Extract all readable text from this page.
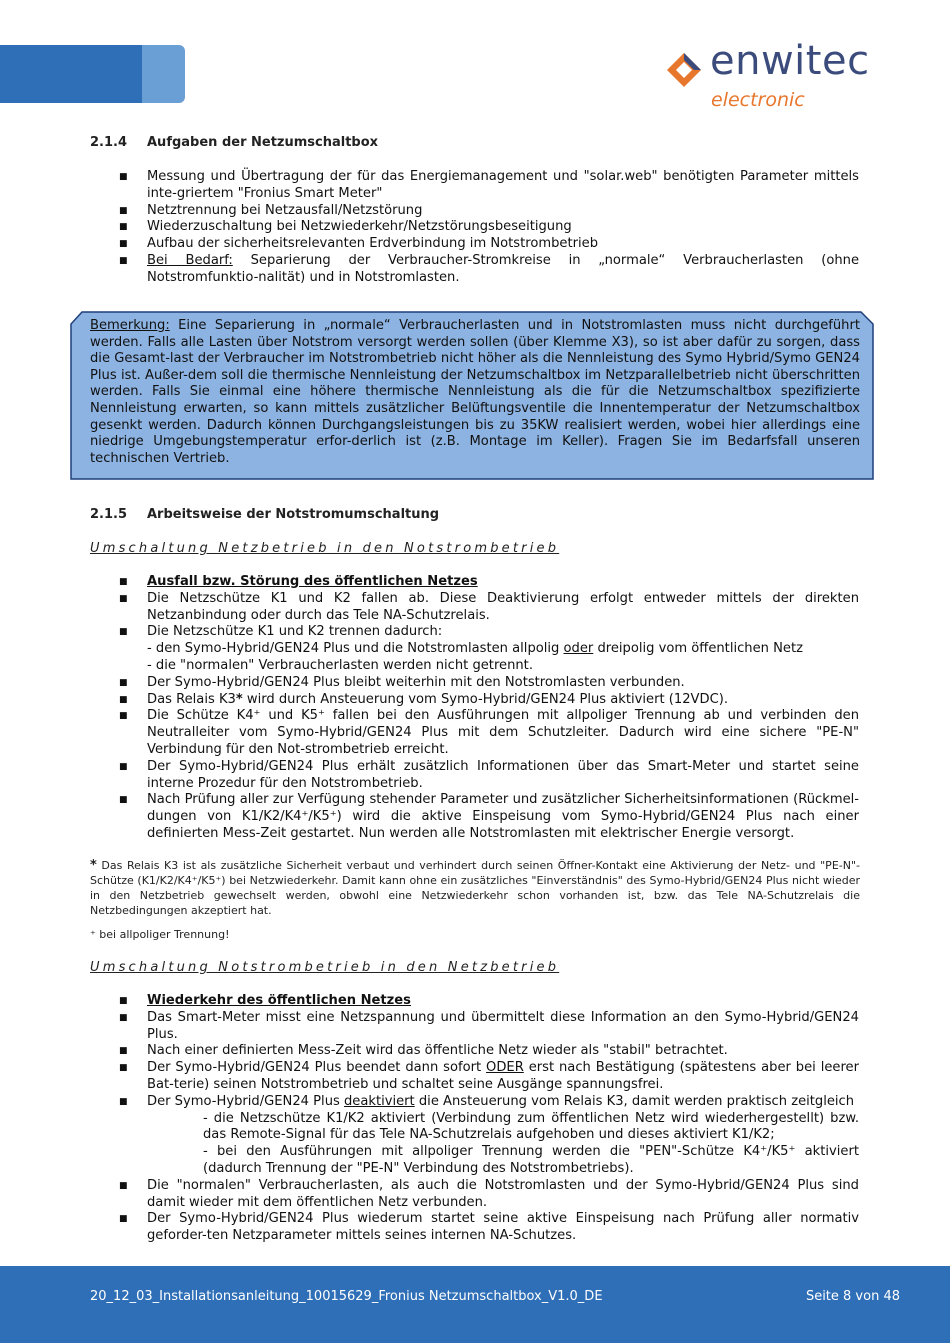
enwitec
electronic
2.1.4 Aufgaben der Netzumschaltbox
■ Messung und Übertragung der für das Energiemanagement und "solar.web" benötigten Parameter mittels inte-griertem "Fronius Smart Meter"
■ Netztrennung bei Netzausfall/Netzstörung
■ Wiederzuschaltung bei Netzwiederkehr/Netzstörungsbeseitigung
■ Aufbau der sicherheitsrelevanten Erdverbindung im Notstrombetrieb
■ Bei Bedarf: Separierung der Verbraucher-Stromkreise in „normale“ Verbraucherlasten (ohne Notstromfunktio-nalität) und in Notstromlasten.
Bemerkung: Eine Separierung in „normale“ Verbraucherlasten und in Notstromlasten muss nicht durchgeführt werden. Falls alle Lasten über Notstrom versorgt werden sollen (über Klemme X3), so ist aber dafür zu sorgen, dass die Gesamt-last der Verbraucher im Notstrombetrieb nicht höher als die Nennleistung des Symo Hybrid/Symo GEN24 Plus ist. Außer-dem soll die thermische Nennleistung der Netzumschaltbox im Netzparallelbetrieb nicht überschritten werden. Falls Sie einmal eine höhere thermische Nennleistung als die für die Netzumschaltbox spezifizierte Nennleistung erwarten, so kann mittels zusätzlicher Belüftungsventile die Innentemperatur der Netzumschaltbox gesenkt werden. Dadurch können Durchgangsleistungen bis zu 35KW realisiert werden, wobei hier allerdings eine niedrige Umgebungstemperatur erfor-derlich ist (z.B. Montage im Keller). Fragen Sie im Bedarfsfall unseren technischen Vertrieb.
2.1.5 Arbeitsweise der Notstromumschaltung
Umschaltung Netzbetrieb in den Notstrombetrieb
■ Ausfall bzw. Störung des öffentlichen Netzes
■ Die Netzschütze K1 und K2 fallen ab. Diese Deaktivierung erfolgt entweder mittels der direkten Netzanbindung oder durch das Tele NA-Schutzrelais.
■ Die Netzschütze K1 und K2 trennen dadurch:
- den Symo-Hybrid/GEN24 Plus und die Notstromlasten allpolig oder dreipolig vom öffentlichen Netz
- die "normalen" Verbraucherlasten werden nicht getrennt.
■ Der Symo-Hybrid/GEN24 Plus bleibt weiterhin mit den Notstromlasten verbunden.
■ Das Relais K3* wird durch Ansteuerung vom Symo-Hybrid/GEN24 Plus aktiviert (12VDC).
■ Die Schütze K4⁺ und K5⁺ fallen bei den Ausführungen mit allpoliger Trennung ab und verbinden den Neutralleiter vom Symo-Hybrid/GEN24 Plus mit dem Schutzleiter. Dadurch wird eine sichere "PE-N" Verbindung für den Not-strombetrieb erreicht.
■ Der Symo-Hybrid/GEN24 Plus erhält zusätzlich Informationen über das Smart-Meter und startet seine interne Prozedur für den Notstrombetrieb.
■ Nach Prüfung aller zur Verfügung stehender Parameter und zusätzlicher Sicherheitsinformationen (Rückmel-dungen von K1/K2/K4⁺/K5⁺) wird die aktive Einspeisung vom Symo-Hybrid/GEN24 Plus nach einer definierten Mess-Zeit gestartet. Nun werden alle Notstromlasten mit elektrischer Energie versorgt.
* Das Relais K3 ist als zusätzliche Sicherheit verbaut und verhindert durch seinen Öffner-Kontakt eine Aktivierung der Netz- und "PE-N"-Schütze (K1/K2/K4⁺/K5⁺) bei Netzwiederkehr. Damit kann ohne ein zusätzliches "Einverständnis" des Symo-Hybrid/GEN24 Plus nicht wieder in den Netzbetrieb gewechselt werden, obwohl eine Netzwiederkehr schon vorhanden ist, bzw. das Tele NA-Schutzrelais die Netzbedingungen akzeptiert hat.
⁺ bei allpoliger Trennung!
Umschaltung Notstrombetrieb in den Netzbetrieb
■ Wiederkehr des öffentlichen Netzes
■ Das Smart-Meter misst eine Netzspannung und übermittelt diese Information an den Symo-Hybrid/GEN24 Plus.
■ Nach einer definierten Mess-Zeit wird das öffentliche Netz wieder als "stabil" betrachtet.
■ Der Symo-Hybrid/GEN24 Plus beendet dann sofort ODER erst nach Bestätigung (spätestens aber bei leerer Bat-terie) seinen Notstrombetrieb und schaltet seine Ausgänge spannungsfrei.
■ Der Symo-Hybrid/GEN24 Plus deaktiviert die Ansteuerung vom Relais K3, damit werden praktisch zeitgleich
- die Netzschütze K1/K2 aktiviert (Verbindung zum öffentlichen Netz wird wiederhergestellt) bzw. das Remote-Signal für das Tele NA-Schutzrelais aufgehoben und dieses aktiviert K1/K2;
- bei den Ausführungen mit allpoliger Trennung werden die "PEN"-Schütze K4⁺/K5⁺ aktiviert (dadurch Trennung der "PE-N" Verbindung des Notstrombetriebs).
■ Die "normalen" Verbraucherlasten, als auch die Notstromlasten und der Symo-Hybrid/GEN24 Plus sind damit wieder mit dem öffentlichen Netz verbunden.
■ Der Symo-Hybrid/GEN24 Plus wiederum startet seine aktive Einspeisung nach Prüfung aller normativ geforder-ten Netzparameter mittels seines internen NA-Schutzes.
20_12_03_Installationsanleitung_10015629_Fronius Netzumschaltbox_V1.0_DE	Seite 8 von 48
